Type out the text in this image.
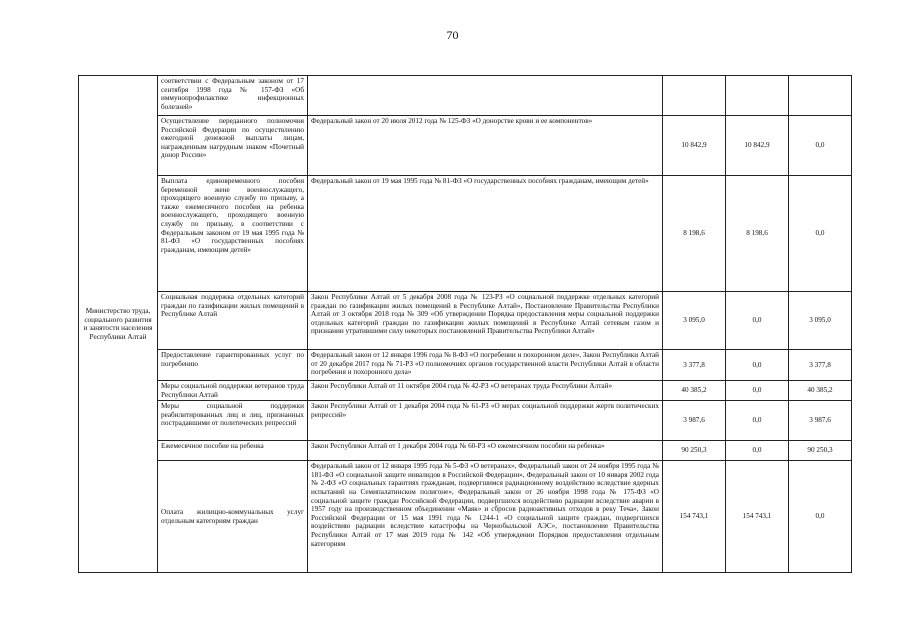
70
Министерство труда, социального развития и занятости населения Республики Алтай	соответствии с Федеральным законом от 17 сентября 1998 года № 157-ФЗ «Об иммунопрофилактике инфекционных болезней»				
	Осуществление переданного полномочия Российской Федерации по осуществлению ежегодной денежной выплаты лицам, награжденным нагрудным знаком «Почетный донор России»	Федеральный закон от 20 июля 2012 года № 125-ФЗ «О донорстве крови и ее компонентов»	10 842,9	10 842,9	0,0
	Выплата единовременного пособия беременной жене военнослужащего, проходящего военную службу по призыву, а также ежемесячного пособия на ребенка военнослужащего, проходящего военную службу по призыву, в соответствии с Федеральным законом от 19 мая 1995 года № 81-ФЗ «О государственных пособиях гражданам, имеющим детей»	Федеральный закон от 19 мая 1995 года № 81-ФЗ «О государственных пособиях гражданам, имеющим детей»	8 198,6	8 198,6	0,0
	Социальная поддержка отдельных категорий граждан по газификации жилых помещений в Республике Алтай	Закон Республики Алтай от 5 декабря 2008 года № 123-РЗ «О социальной поддержке отдельных категорий граждан по газификации жилых помещений в Республике Алтай», Постановление Правительства Республики Алтай от 3 октября 2018 года № 309 «Об утверждении Порядка предоставления меры социальной поддержки отдельных категорий граждан по газификации жилых помещений в Республике Алтай сетевым газом и признании утратившими силу некоторых постановлений Правительства Республики Алтай»	3 095,0	0,0	3 095,0
	Предоставление гарантированных услуг по погребению	Федеральный закон от 12 января 1996 года № 8-ФЗ «О погребении и похоронном деле», Закон Республики Алтай от 20 декабря 2017 года № 71-РЗ «О полномочиях органов государственной власти Республики Алтай в области погребения и похоронного дела»	3 377,8	0,0	3 377,8
	Меры социальной поддержки ветеранов труда Республики Алтай	Закон Республики Алтай от 11 октября 2004 года № 42-РЗ «О ветеранах труда Республики Алтай»	40 385,2	0,0	40 385,2
	Меры социальной поддержки реабилитированных лиц и лиц, признанных пострадавшими от политических репрессий	Закон Республики Алтай от 1 декабря 2004 года № 61-РЗ «О мерах социальной поддержки жертв политических репрессий»	3 987,6	0,0	3 987,6
	Ежемесячное пособие на ребенка	Закон Республики Алтай от 1 декабря 2004 года № 60-РЗ «О ежемесячном пособии на ребенка»	90 250,3	0,0	90 250,3
	Оплата жилищно-коммунальных услуг отдельным категориям граждан	Федеральный закон от 12 января 1995 года № 5-ФЗ «О ветеранах», Федеральный закон от 24 ноября 1995 года № 181-ФЗ «О социальной защите инвалидов в Российской Федерации», Федеральный закон от 10 января 2002 года № 2-ФЗ «О социальных гарантиях гражданам, подвергшимся радиационному воздействию вследствие ядерных испытаний на Семипалатинском полигоне», Федеральный закон от 26 ноября 1998 года № 175-ФЗ «О социальной защите граждан Российской Федерации, подвергшихся воздействию радиации вследствие аварии в 1957 году на производственном объединении «Маяк» и сбросов радиоактивных отходов в реку Теча», Закон Российской Федерации от 15 мая 1991 года № 1244-1 «О социальной защите граждан, подвергшихся воздействию радиации вследствие катастрофы на Чернобыльской АЭС», постановление Правительства Республики Алтай от 17 мая 2019 года № 142 «Об утверждении Порядков предоставления отдельным категориям	154 743,1	154 743,1	0,0
